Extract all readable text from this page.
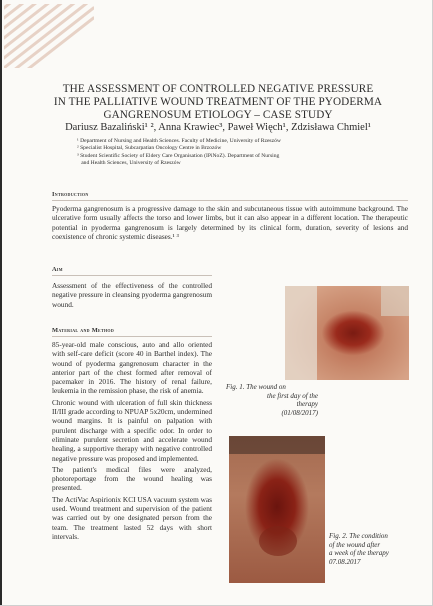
THE ASSESSMENT OF CONTROLLED NEGATIVE PRESSURE
IN THE PALLIATIVE WOUND TREATMENT OF THE PYODERMA
GANGRENOSUM ETIOLOGY – CASE STUDY
Dariusz Bazaliński¹ ², Anna Krawiec³, Paweł Więch¹, Zdzisława Chmiel¹
¹ Department of Nursing and Health Sciences. Faculty of Medicine, University of Rzeszów
² Specialist Hospital, Subcarpatian Oncology Centre in Brzozów
³ Student Scientific Society of Eldery Care Organisation (IPiNoZ). Department of Nursing
and Health Sciences, University of Rzeszów
Introduction
Pyoderma gangrenosum is a progressive damage to the skin and subcutaneous tissue with autoimmune background. The ulcerative form usually affects the torso and lower limbs, but it can also appear in a different location. The therapeutic potential in pyoderma gangrenosum is largely determined by its clinical form, duration, severity of lesions and coexistence of chronic systemic diseases.¹ ³
Aim
Assessment of the effectiveness of the controlled negative pressure in cleansing pyoderma gangrenosum wound.
Material and Method

85-year-old male conscious, auto and allo oriented with self-care deficit (score 40 in Barthel index). The wound of pyoderma gangrenosum character in the anterior part of the chest formed after removal of pacemaker in 2016. The history of renal failure, leukemia in the remission phase, the risk of anemia.

Chronic wound with ulceration of full skin thickness II/III grade according to NPUAP 5x20cm, undermined wound margins. It is painful on palpation with purulent discharge with a specific odor. In order to eliminate purulent secretion and accelerate wound healing, a supportive therapy with negative controlled negative pressure was proposed and implemented.

The patient's medical files were analyzed, photoreportage from the wound healing was presented.

The ActiVac Aspirionix KCI USA vacuum system was used. Wound treatment and supervision of the patient was carried out by one designated person from the team. The treatment lasted 52 days with short intervals.

Fig. 1. The wound on
the first day of the
therapy
(01/08/2017)
Fig. 2. The condition
of the wound after
a week of the therapy
07.08.2017
